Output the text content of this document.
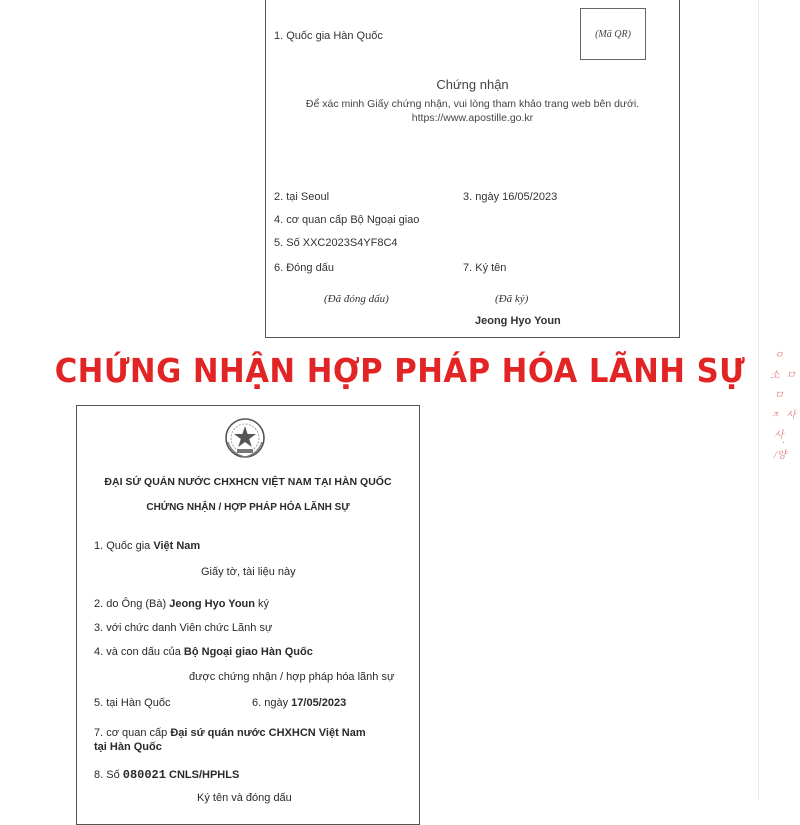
1. Quốc gia Hàn Quốc	(Mã QR)
Chứng nhận
Để xác minh Giấy chứng nhận, vui lòng tham khảo trang web bên dưới.
https://www.apostille.go.kr
2. tại Seoul	3. ngày 16/05/2023
4. cơ quan cấp Bộ Ngoại giao
5. Số XXC2023S4YF8C4
6. Đóng dấu	7. Ký tên
(Đã đóng dấu)	(Đã ký)
Jeong Hyo Youn
CHỨNG NHẬN HỢP PHÁP HÓA LÃNH SỰ
ĐẠI SỨ QUÁN NƯỚC CHXHCN VIỆT NAM TẠI HÀN QUỐC
CHỨNG NHẬN / HỢP PHÁP HÓA LÃNH SỰ
1. Quốc gia Việt Nam
Giấy tờ, tài liệu này
2. do Ông (Bà) Jeong Hyo Youn ký
3. với chức danh Viên chức Lãnh sự
4. và con dấu của Bộ Ngoại giao Hàn Quốc
được chứng nhận / hợp pháp hóa lãnh sự
5. tại Hàn Quốc	6. ngày 17/05/2023
7. cơ quan cấp Đại sứ quán nước CHXHCN Việt Nam
tại Hàn Quốc
8. Số 080021 CNLS/HPHLS
Ký tên và đóng dấu
ㅇ
소 ㅁ
ㅁ
ㅈ 사
사
·
/양
